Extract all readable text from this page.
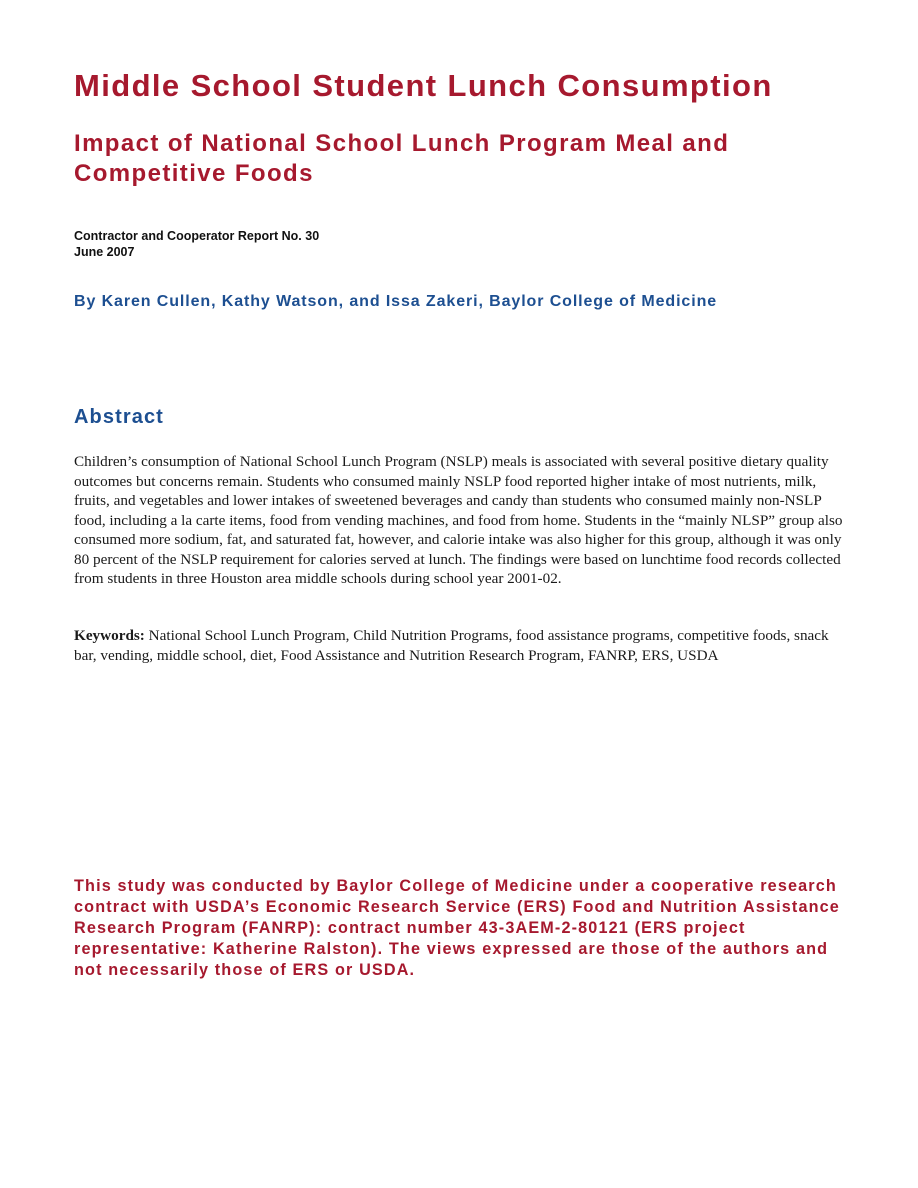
Middle School Student Lunch Consumption
Impact of National School Lunch Program Meal and Competitive Foods
Contractor and Cooperator Report No. 30
June 2007

By Karen Cullen, Kathy Watson, and Issa Zakeri, Baylor College of Medicine

Abstract

Children’s consumption of National School Lunch Program (NSLP) meals is associated with several positive dietary quality outcomes but concerns remain. Students who consumed mainly NSLP food reported higher intake of most nutrients, milk, fruits, and vegetables and lower intakes of sweetened beverages and candy than students who consumed mainly non-NSLP food, including a la carte items, food from vending machines, and food from home. Students in the “mainly NLSP” group also consumed more sodium, fat, and saturated fat, however, and calorie intake was also higher for this group, although it was only 80 percent of the NSLP requirement for calories served at lunch. The findings were based on lunchtime food records collected from students in three Houston area middle schools during school year 2001-02.

Keywords: National School Lunch Program, Child Nutrition Programs, food assistance programs, competitive foods, snack bar, vending, middle school, diet, Food Assistance and Nutrition Research Program, FANRP, ERS, USDA

This study was conducted by Baylor College of Medicine under a cooperative research contract with USDA’s Economic Research Service (ERS) Food and Nutrition Assistance Research Program (FANRP): contract number 43-3AEM-2-80121 (ERS project representative: Katherine Ralston). The views expressed are those of the authors and not necessarily those of ERS or USDA.
